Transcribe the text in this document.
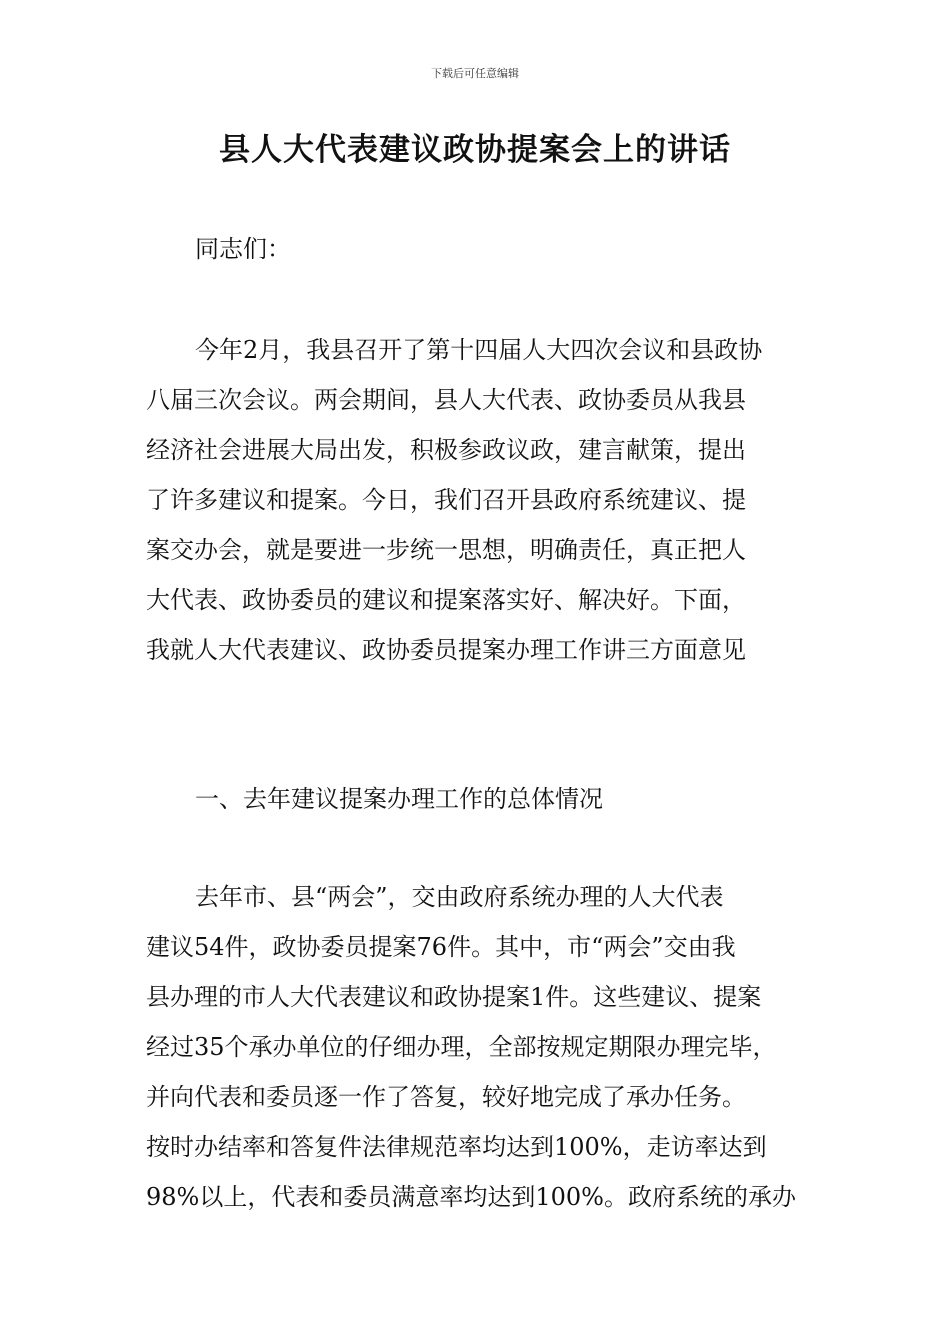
下载后可任意编辑
县人大代表建议政协提案会上的讲话
同志们：
今年2月，我县召开了第十四届人大四次会议和县政协
八届三次会议。两会期间，县人大代表、政协委员从我县
经济社会进展大局出发，积极参政议政，建言献策，提出
了许多建议和提案。今日，我们召开县政府系统建议、提
案交办会，就是要进一步统一思想，明确责任，真正把人
大代表、政协委员的建议和提案落实好、解决好。下面，
我就人大代表建议、政协委员提案办理工作讲三方面意见
一、去年建议提案办理工作的总体情况
去年市、县“两会”，交由政府系统办理的人大代表
建议54件，政协委员提案76件。其中，市“两会”交由我
县办理的市人大代表建议和政协提案1件。这些建议、提案
经过35个承办单位的仔细办理，全部按规定期限办理完毕，
并向代表和委员逐一作了答复，较好地完成了承办任务。
按时办结率和答复件法律规范率均达到100%，走访率达到
98%以上，代表和委员满意率均达到100%。政府系统的承办
